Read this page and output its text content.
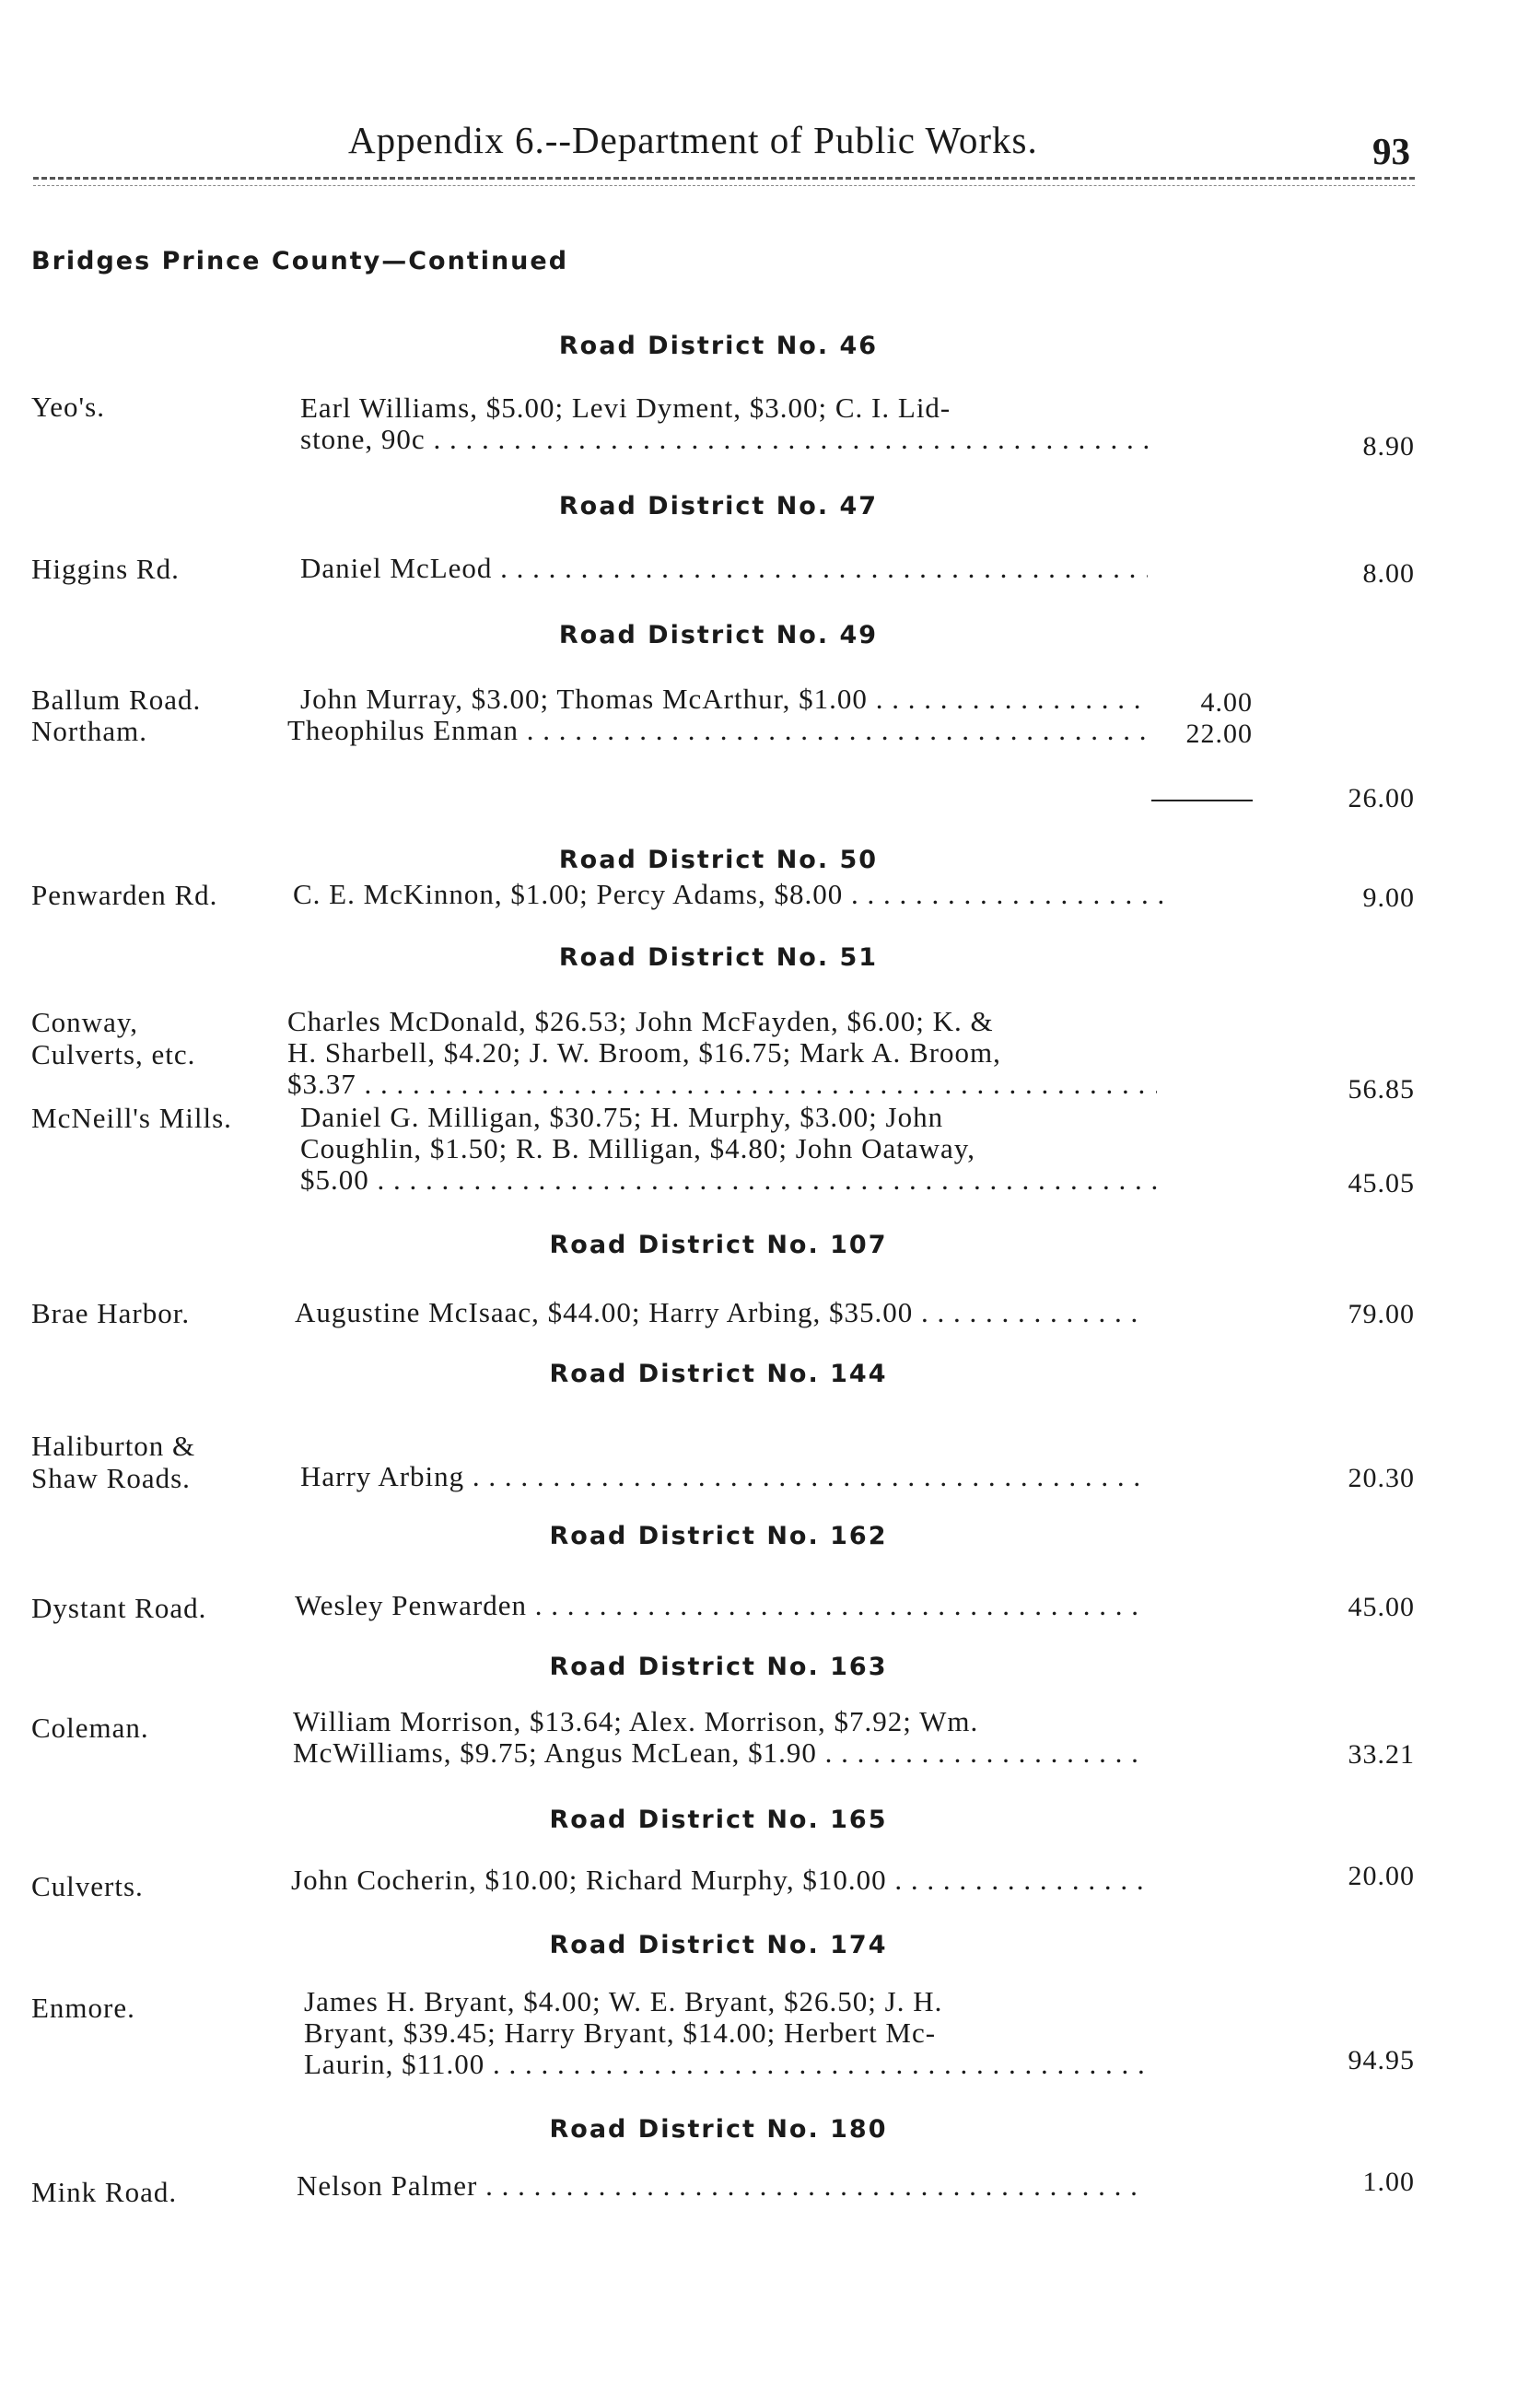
Appendix 6.--Department of Public Works.	93
Bridges Prince County—Continued
Road District No. 46
Yeo's.	Earl Williams, $5.00; Levi Dyment, $3.00; C. I. Lid-
stone, 90c . . .	8.90
Road District No. 47
Higgins Rd.	Daniel McLeod . . .	8.00
Road District No. 49
Ballum Road.	John Murray, $3.00; Thomas McArthur, $1.00 . . .	4.00
Northam.	Theophilus Enman . . .	22.00
26.00
Road District No. 50
Penwarden Rd.	C. E. McKinnon, $1.00; Percy Adams, $8.00 . . .	9.00
Road District No. 51
Conway,
Culverts, etc.
Charles McDonald, $26.53; John McFayden, $6.00; K. &
H. Sharbell, $4.20; J. W. Broom, $16.75; Mark A. Broom,
$3.37 . . .	56.85
McNeill's Mills.	Daniel G. Milligan, $30.75; H. Murphy, $3.00; John
Coughlin, $1.50; R. B. Milligan, $4.80; John Oataway,
$5.00 . . .	45.05
Road District No. 107
Brae Harbor.	Augustine McIsaac, $44.00; Harry Arbing, $35.00 . . .	79.00
Road District No. 144
Haliburton &
Shaw Roads.	Harry Arbing . . .	20.30
Road District No. 162
Dystant Road.	Wesley Penwarden . . .	45.00
Road District No. 163
Coleman.	William Morrison, $13.64; Alex. Morrison, $7.92; Wm.
McWilliams, $9.75; Angus McLean, $1.90 . . .	33.21
Road District No. 165
Culverts.	John Cocherin, $10.00; Richard Murphy, $10.00 . . .	20.00
Road District No. 174
Enmore.	James H. Bryant, $4.00; W. E. Bryant, $26.50; J. H.
Bryant, $39.45; Harry Bryant, $14.00; Herbert Mc-
Laurin, $11.00 . . .	94.95
Road District No. 180
Mink Road.	Nelson Palmer . . .	1.00
